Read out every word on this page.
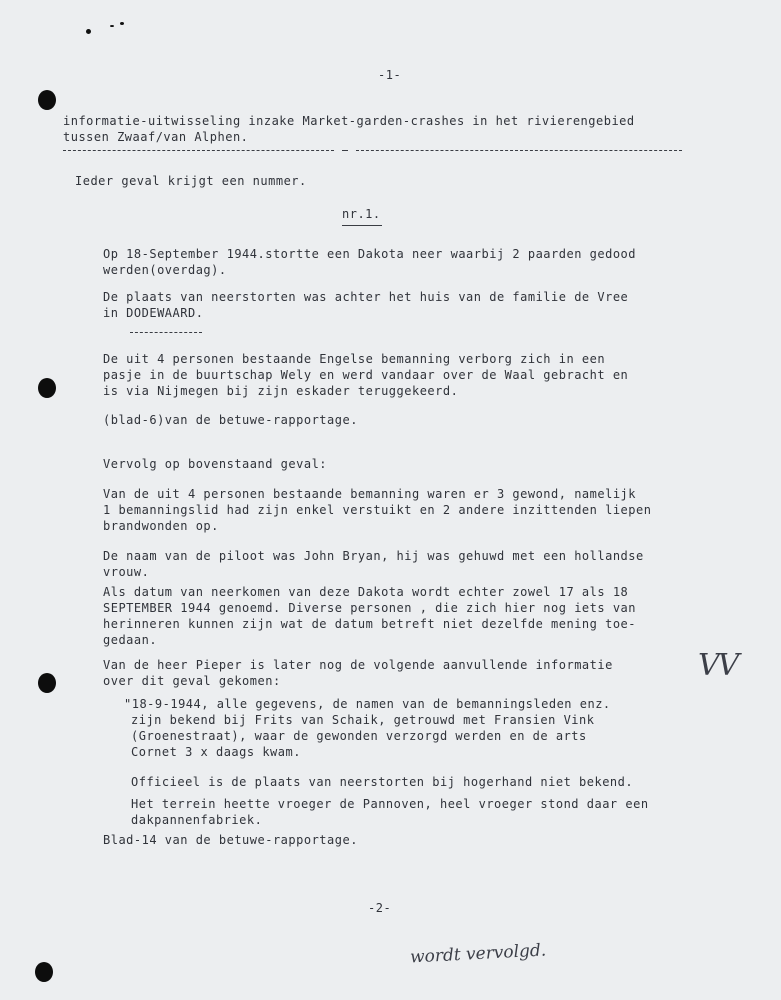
-1-
informatie-uitwisseling inzake Market-garden-crashes in het rivierengebied
tussen Zwaaf/van Alphen.
Ieder geval krijgt een nummer.
nr.1.
Op 18-September 1944.stortte een Dakota neer waarbij 2 paarden gedood
werden(overdag).
De plaats van neerstorten was achter het huis van de familie de Vree
in DODEWAARD.
De uit 4 personen bestaande Engelse bemanning verborg zich in een
pasje in de buurtschap Wely en werd vandaar over de Waal gebracht en
is via Nijmegen bij zijn eskader teruggekeerd.
(blad-6)van de betuwe-rapportage.
Vervolg op bovenstaand geval:
Van de uit 4 personen bestaande bemanning waren er 3 gewond, namelijk
1 bemanningslid had zijn enkel verstuikt en 2 andere inzittenden liepen
brandwonden op.
De naam van de piloot was John Bryan, hij was gehuwd met een hollandse
vrouw.
Als datum van neerkomen van deze Dakota wordt echter zowel 17 als 18
SEPTEMBER 1944 genoemd. Diverse personen , die zich hier nog iets van
herinneren kunnen zijn wat de datum betreft niet dezelfde mening toe-
gedaan.
Van de heer Pieper is later nog de volgende aanvullende informatie
over dit geval gekomen:
"18-9-1944, alle gegevens, de namen van de bemanningsleden enz.
zijn bekend bij Frits van Schaik, getrouwd met Fransien Vink
(Groenestraat), waar de gewonden verzorgd werden en de arts
Cornet 3 x daags kwam.
Officieel is de plaats van neerstorten bij hogerhand niet bekend.
Het terrein heette vroeger de Pannoven, heel vroeger stond daar een
dakpannenfabriek.
Blad-14 van de betuwe-rapportage.
-2-
VV
wordt vervolgd.
